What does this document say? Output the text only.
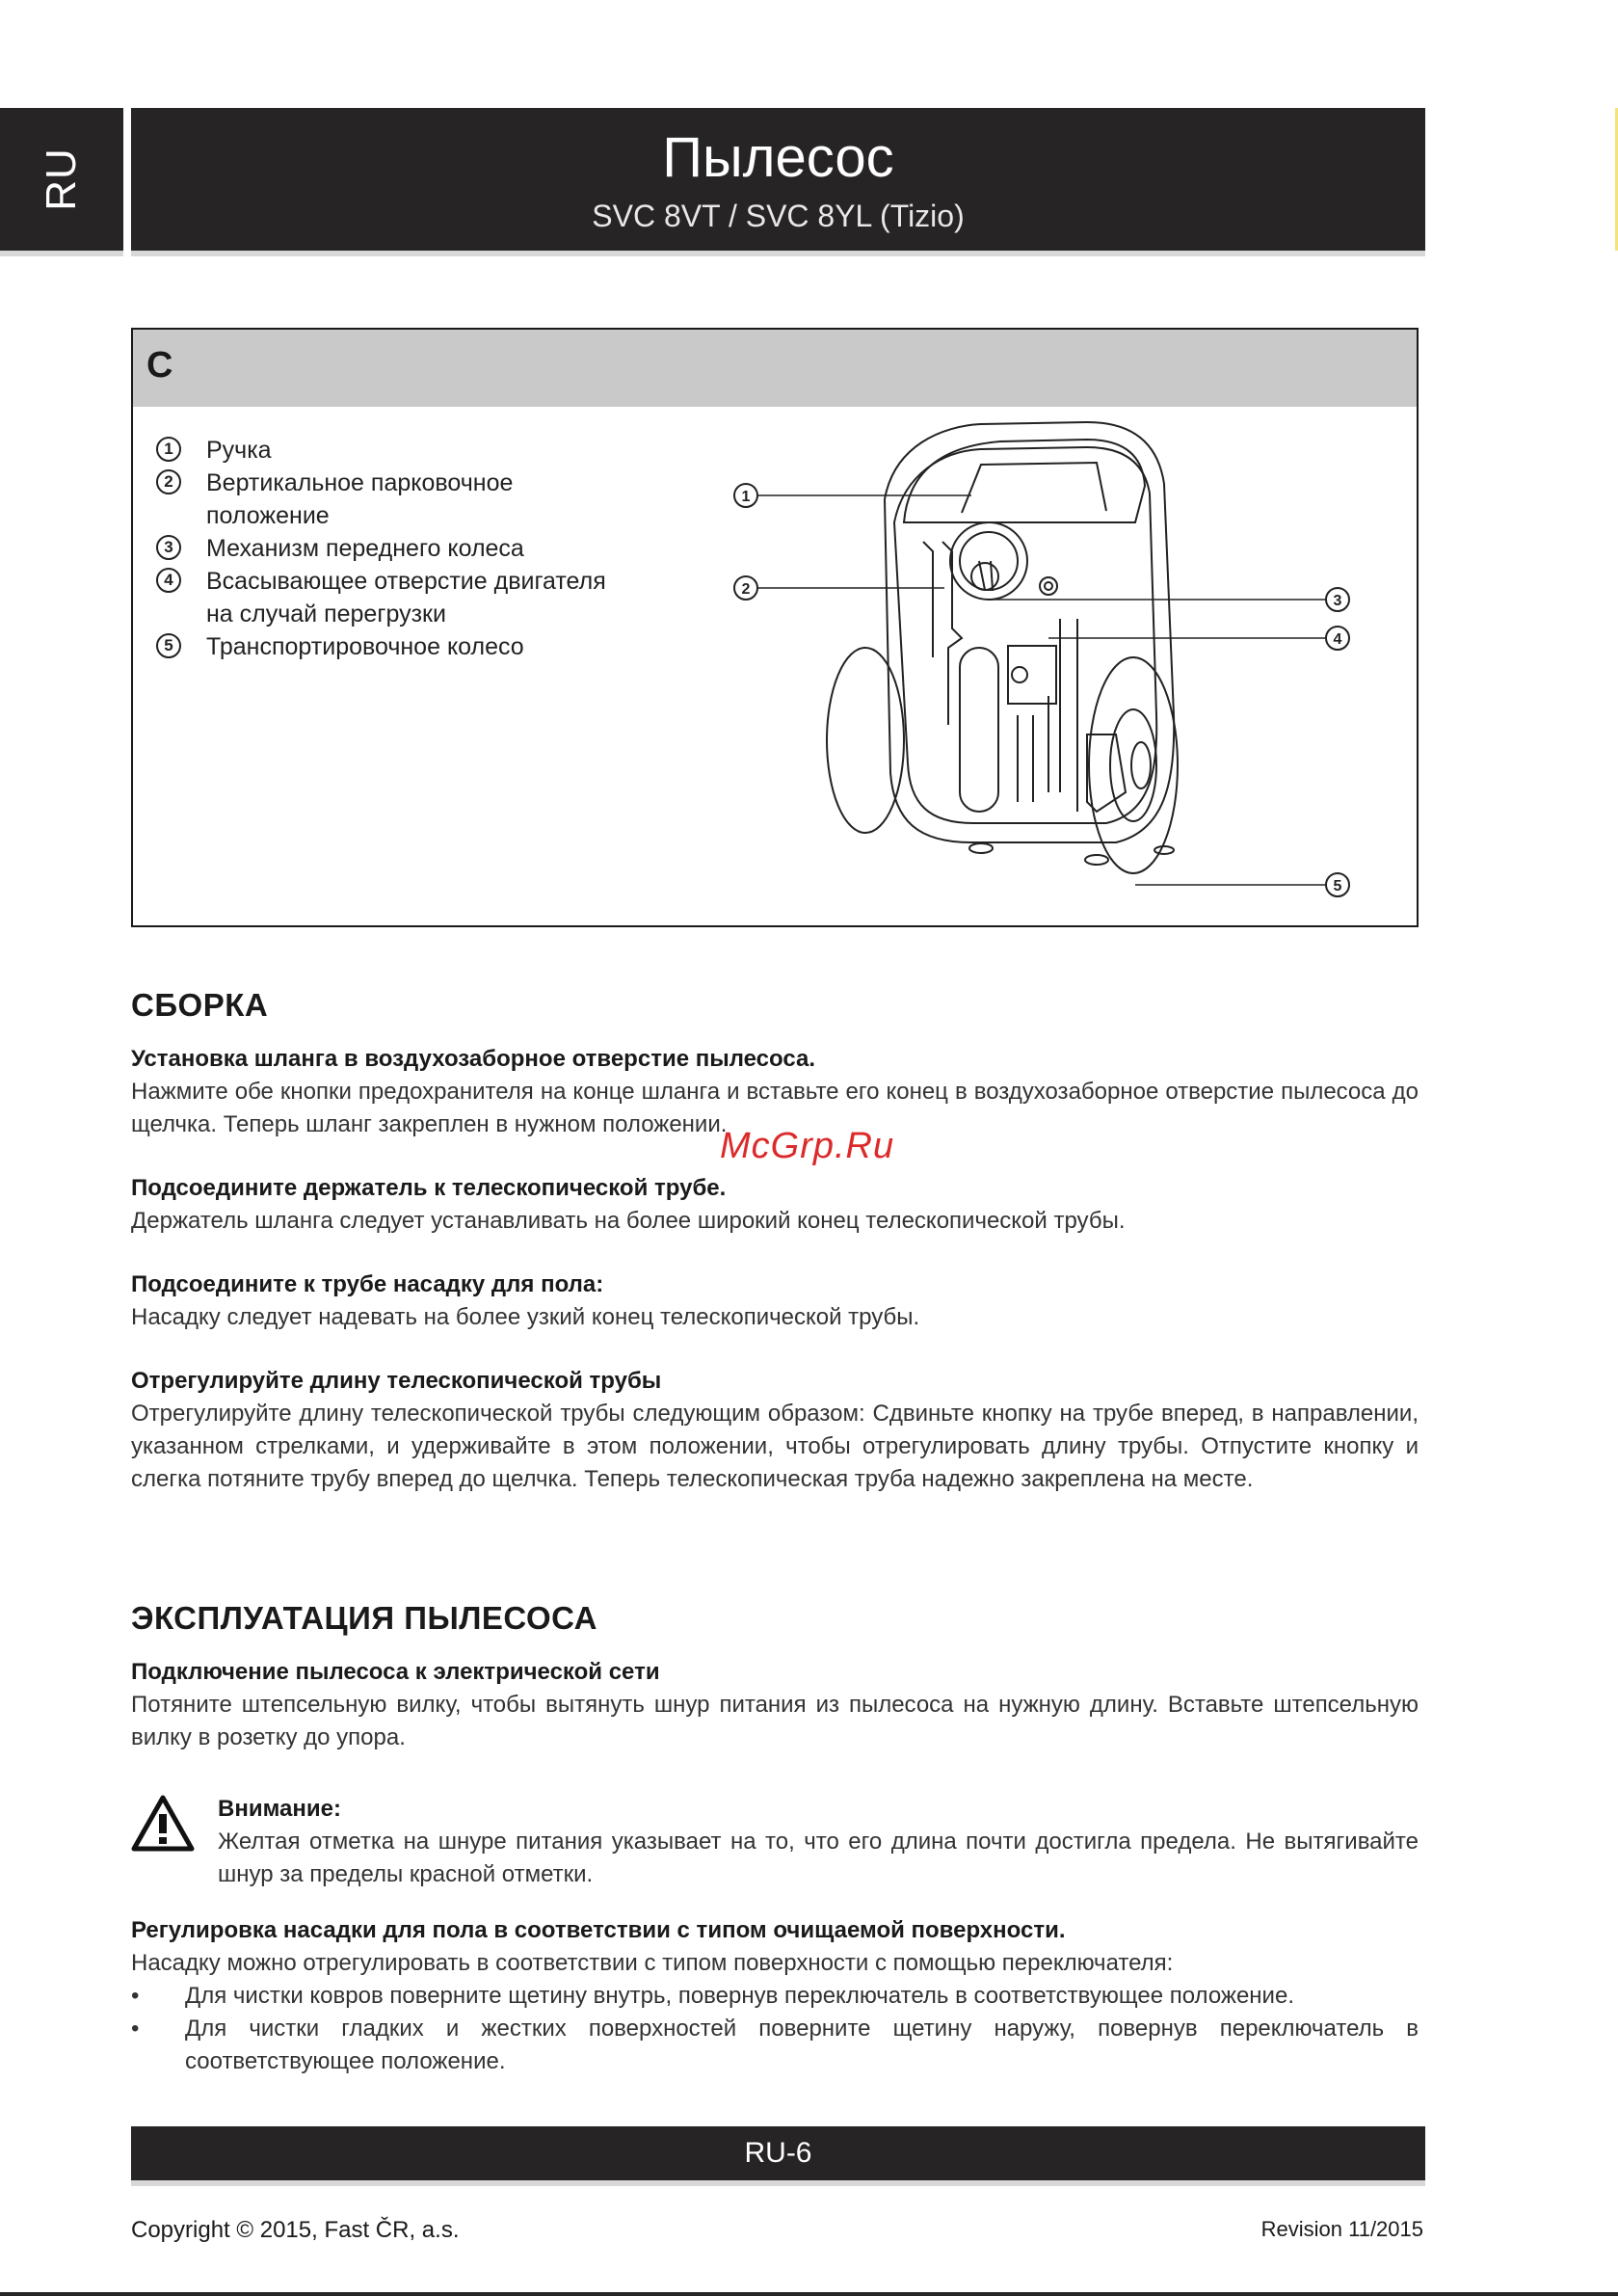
RU	Пылесос
SVC 8VT / SVC 8YL (Tizio)
C
1	Ручка
2	Вертикальное парковочное положение
3	Механизм переднего колеса
4	Всасывающее отверстие двигателя на случай перегрузки
5	Транспортировочное колесо
1
2
3
4
5
СБОРКА
Установка шланга в воздухозаборное отверстие пылесоса.
Нажмите обе кнопки предохранителя на конце шланга и вставьте его конец в воздухозаборное отверстие пылесоса до щелчка. Теперь шланг закреплен в нужном положении.
Подсоедините держатель к телескопической трубе.
Держатель шланга следует устанавливать на более широкий конец телескопической трубы.
Подсоедините к трубе насадку для пола:
Насадку следует надевать на более узкий конец телескопической трубы.
Отрегулируйте длину телескопической трубы
Отрегулируйте длину телескопической трубы следующим образом: Сдвиньте кнопку на трубе вперед, в направлении, указанном стрелками, и удерживайте в этом положении, чтобы отрегулировать длину трубы. Отпустите кнопку и слегка потяните трубу вперед до щелчка. Теперь телескопическая труба надежно закреплена на месте.
McGrp.Ru
ЭКСПЛУАТАЦИЯ ПЫЛЕСОСА
Подключение пылесоса к электрической сети
Потяните штепсельную вилку, чтобы вытянуть шнур питания из пылесоса на нужную длину. Вставьте штепсельную вилку в розетку до упора.
Внимание:
Желтая отметка на шнуре питания указывает на то, что его длина почти достигла предела. Не вытягивайте шнур за пределы красной отметки.
Регулировка насадки для пола в соответствии с типом очищаемой поверхности.
Насадку можно отрегулировать в соответствии с типом поверхности с помощью переключателя:
• Для чистки ковров поверните щетину внутрь, повернув переключатель в соответствующее положение.
• Для чистки гладких и жестких поверхностей поверните щетину наружу, повернув переключатель в соответствующее положение.
RU-6
Copyright © 2015, Fast ČR, a.s.	Revision 11/2015
